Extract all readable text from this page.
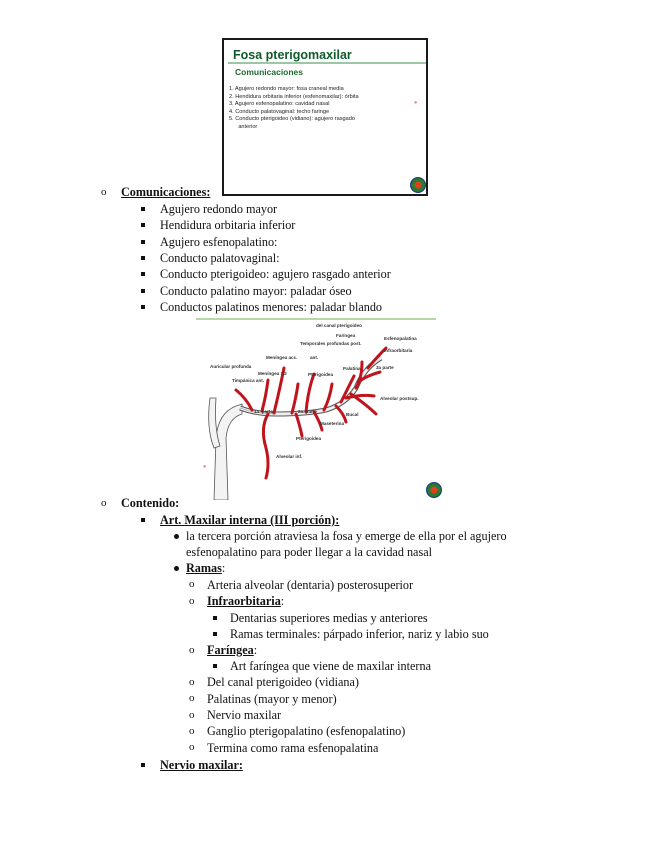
Fosa pterigomaxilar
Comunicaciones
1. Agujero redondo mayor: fosa craneal media
2. Hendidura orbitaria inferior (esfenomaxilar): órbita
3. Agujero esfenopalatino: cavidad nasal
4. Conducto palatovaginal: techo faringe
5. Conducto pterigoideo (vidiano): agujero rasgado
anterior
*
o Comunicaciones:
Agujero redondo mayor
Hendidura orbitaria inferior
Agujero esfenopalatino:
Conducto palatovaginal:
Conducto pterigoideo: agujero rasgado anterior
Conducto palatino mayor: paladar óseo
Conductos palatinos menores: paladar blando
del canal pterigoideo
Faríngea
Esfenopalatina
Infraorbitaria
Temporales profundas post.
ant.
Meníngea acc.
Meníngea 1/2
Auricular profunda
Timpánica ant.
Pterigoidea
Palatina	3a parte
Alveolar postsup.
1a. parte	2a. parte
Bucal
Maseterina
Pterigoidea
Alveolar inf.
*
o Contenido:
Art. Maxilar interna (III porción):
la tercera porción atraviesa la fosa y emerge de ella por el agujero
esfenopalatino para poder llegar a la cavidad nasal
Ramas:
o Arteria alveolar (dentaria) posterosuperior
o Infraorbitaria:
Dentarias superiores medias y anteriores
Ramas terminales: párpado inferior, nariz y labio suo
o Faríngea:
Art faríngea que viene de maxilar interna
o Del canal pterigoideo (vidiana)
o Palatinas (mayor y menor)
o Nervio maxilar
o Ganglio pterigopalatino (esfenopalatino)
o Termina como rama esfenopalatina
Nervio maxilar:
